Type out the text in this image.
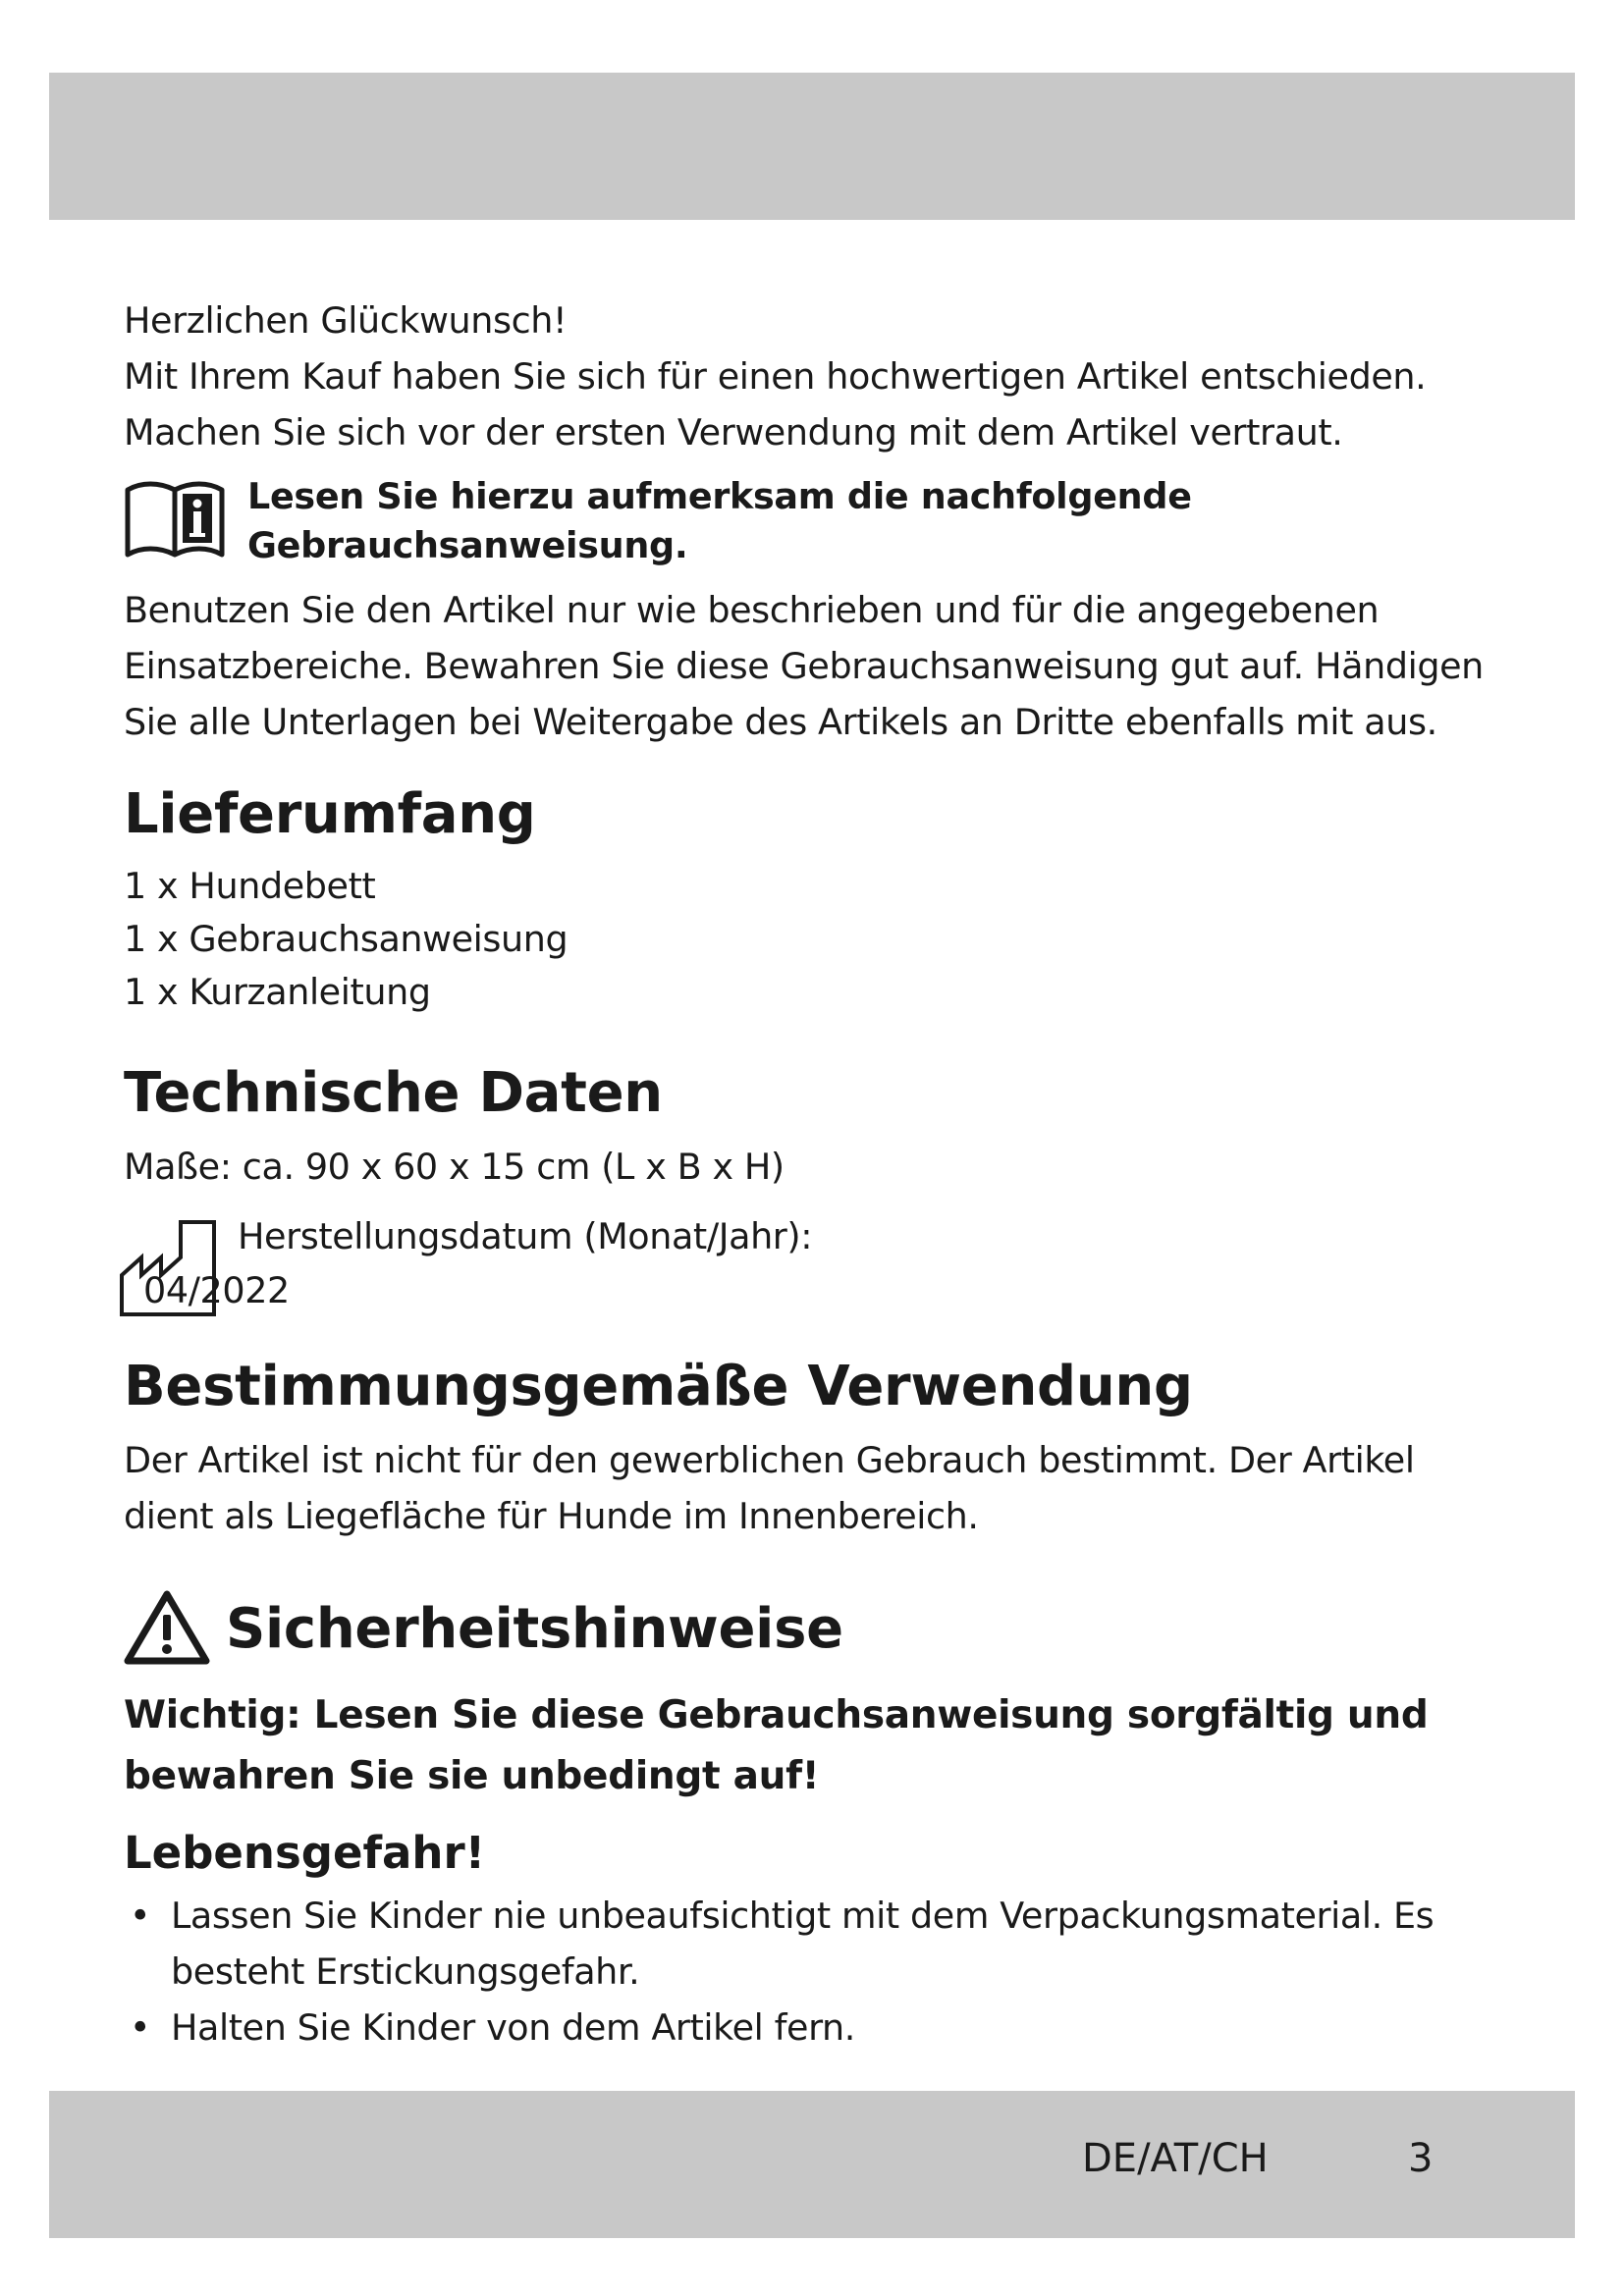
Herzlichen Glückwunsch!
Mit Ihrem Kauf haben Sie sich für einen hochwertigen Artikel entschieden.
Machen Sie sich vor der ersten Verwendung mit dem Artikel vertraut.

Lesen Sie hierzu aufmerksam die nachfolgende Gebrauchsanweisung.

Benutzen Sie den Artikel nur wie beschrieben und für die angegebenen Einsatzbereiche. Bewahren Sie diese Gebrauchsanweisung gut auf. Händigen Sie alle Unterlagen bei Weitergabe des Artikels an Dritte ebenfalls mit aus.

Lieferumfang
1 x Hundebett
1 x Gebrauchsanweisung
1 x Kurzanleitung
Technische Daten

Maße: ca. 90 x 60 x 15 cm (L x B x H)

Herstellungsdatum (Monat/Jahr):
04/2022
Bestimmungsgemäße Verwendung

Der Artikel ist nicht für den gewerblichen Gebrauch bestimmt. Der Artikel dient als Liegefläche für Hunde im Innenbereich.

Sicherheitshinweise

Wichtig: Lesen Sie diese Gebrauchsanweisung sorgfältig und bewahren Sie sie unbedingt auf!

Lebensgefahr!
• Lassen Sie Kinder nie unbeaufsichtigt mit dem Verpackungsmaterial. Es besteht Erstickungsgefahr.
• Halten Sie Kinder von dem Artikel fern.
DE/AT/CH	3
